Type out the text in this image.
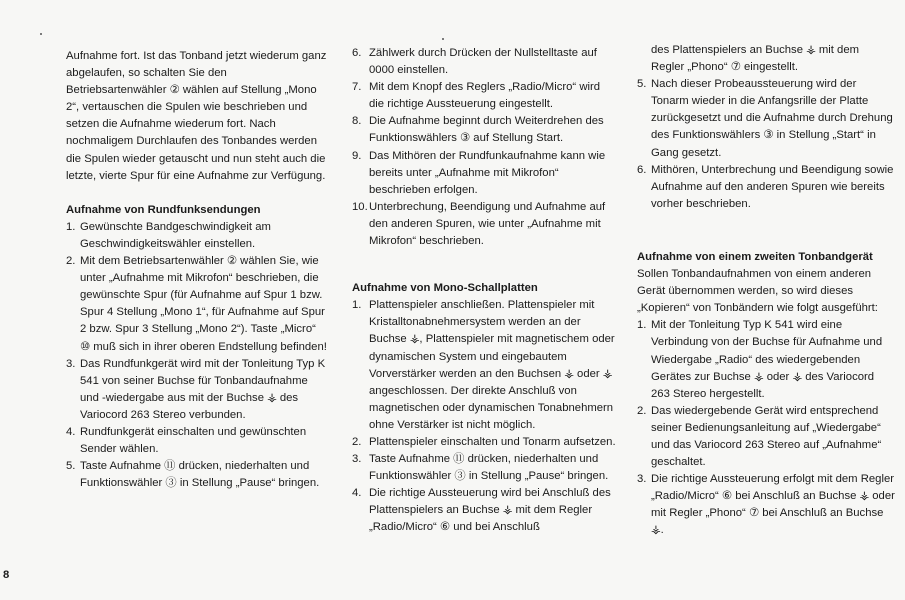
Aufnahme fort. Ist das Tonband jetzt wiederum ganz abgelaufen, so schalten Sie den Betriebsartenwähler ② wählen auf Stellung „Mono 2“, vertauschen die Spulen wie beschrieben und setzen die Aufnahme wiederum fort. Nach nochmaligem Durchlaufen des Tonbandes werden die Spulen wieder getauscht und nun steht auch die letzte, vierte Spur für eine Aufnahme zur Verfügung.

Aufnahme von Rundfunksendungen

1. Gewünschte Bandgeschwindigkeit am Geschwindigkeitswähler einstellen.
2. Mit dem Betriebsartenwähler ② wählen Sie, wie unter „Aufnahme mit Mikrofon“ beschrieben, die gewünschte Spur (für Aufnahme auf Spur 1 bzw. Spur 4 Stellung „Mono 1“, für Aufnahme auf Spur 2 bzw. Spur 3 Stellung „Mono 2“). Taste „Micro“ ⑩ muß sich in ihrer oberen Endstellung befinden!
3. Das Rundfunkgerät wird mit der Tonleitung Typ K 541 von seiner Buchse für Tonbandaufnahme und -wiedergabe aus mit der Buchse ⚶ des Variocord 263 Stereo verbunden.
4. Rundfunkgerät einschalten und gewünschten Sender wählen.
5. Taste Aufnahme ⑪ drücken, niederhalten und Funktionswähler ③ in Stellung „Pause“ bringen.
6. Zählwerk durch Drücken der Nullstelltaste auf 0000 einstellen.
7. Mit dem Knopf des Reglers „Radio/Micro“ wird die richtige Aussteuerung eingestellt.
8. Die Aufnahme beginnt durch Weiterdrehen des Funktionswählers ③ auf Stellung Start.
9. Das Mithören der Rundfunkaufnahme kann wie bereits unter „Aufnahme mit Mikrofon“ beschrieben erfolgen.
10. Unterbrechung, Beendigung und Aufnahme auf den anderen Spuren, wie unter „Aufnahme mit Mikrofon“ beschrieben.

Aufnahme von Mono-Schallplatten

1. Plattenspieler anschließen. Plattenspieler mit Kristalltonabnehmersystem werden an der Buchse ⚶, Plattenspieler mit magnetischem oder dynamischen System und eingebautem Vorverstärker werden an den Buchsen ⚶ oder ⚶ angeschlossen. Der direkte Anschluß von magnetischen oder dynamischen Tonabnehmern ohne Verstärker ist nicht möglich.
2. Plattenspieler einschalten und Tonarm aufsetzen.
3. Taste Aufnahme ⑪ drücken, niederhalten und Funktionswähler ③ in Stellung „Pause“ bringen.
4. Die richtige Aussteuerung wird bei Anschluß des Plattenspielers an Buchse ⚶ mit dem Regler „Radio/Micro“ ⑥ und bei Anschluß

des Plattenspielers an Buchse ⚶ mit dem Regler „Phono“ ⑦ eingestellt.

5. Nach dieser Probeaussteuerung wird der Tonarm wieder in die Anfangsrille der Platte zurückgesetzt und die Aufnahme durch Drehung des Funktionswählers ③ in Stellung „Start“ in Gang gesetzt.
6. Mithören, Unterbrechung und Beendigung sowie Aufnahme auf den anderen Spuren wie bereits vorher beschrieben.

Aufnahme von einem zweiten Tonbandgerät

Sollen Tonbandaufnahmen von einem anderen Gerät übernommen werden, so wird dieses „Kopieren“ von Tonbändern wie folgt ausgeführt:

1. Mit der Tonleitung Typ K 541 wird eine Verbindung von der Buchse für Aufnahme und Wiedergabe „Radio“ des wiedergebenden Gerätes zur Buchse ⚶ oder ⚶ des Variocord 263 Stereo hergestellt.
2. Das wiedergebende Gerät wird entsprechend seiner Bedienungsanleitung auf „Wiedergabe“ und das Variocord 263 Stereo auf „Aufnahme“ geschaltet.
3. Die richtige Aussteuerung erfolgt mit dem Regler „Radio/Micro“ ⑥ bei Anschluß an Buchse ⚶ oder mit Regler „Phono“ ⑦ bei Anschluß an Buchse ⚶.
8
